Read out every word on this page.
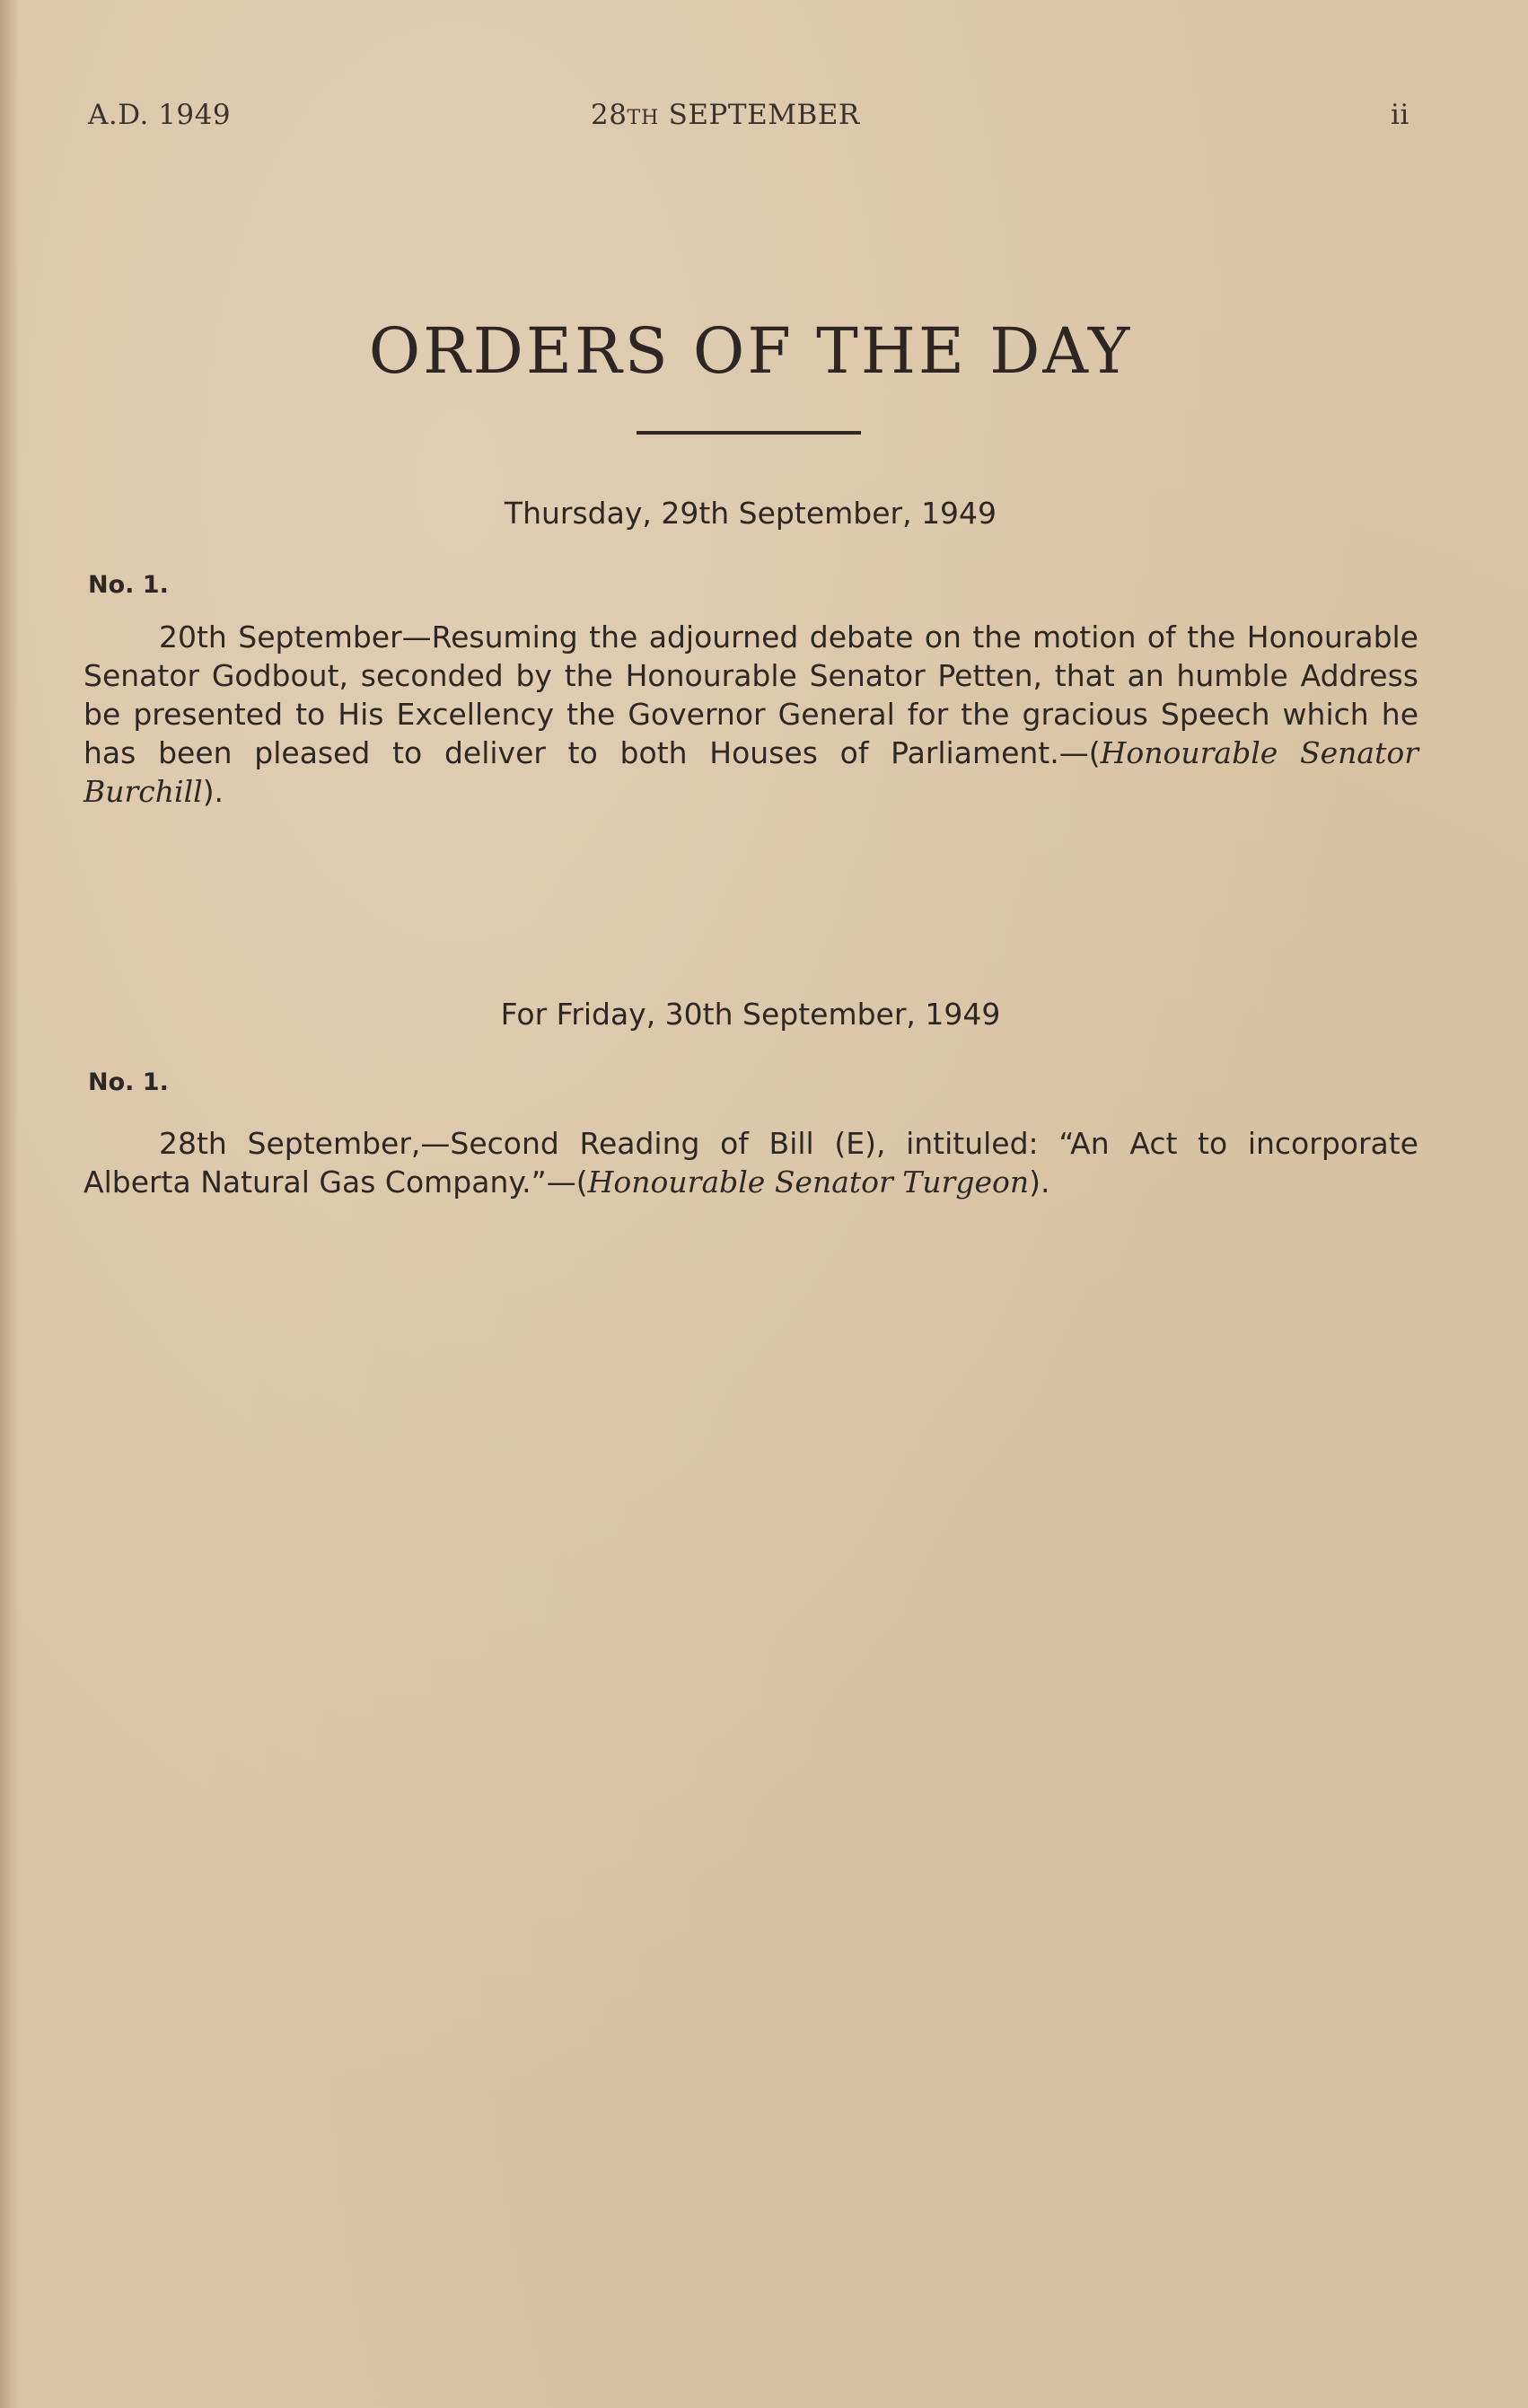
A.D. 1949	28TH SEPTEMBER	ii
ORDERS OF THE DAY
Thursday, 29th September, 1949
No. 1.

20th September—Resuming the adjourned debate on the motion of the Honourable Senator Godbout, seconded by the Honourable Senator Petten, that an humble Address be presented to His Excellency the Governor General for the gracious Speech which he has been pleased to deliver to both Houses of Parliament.—(Honourable Senator Burchill).

For Friday, 30th September, 1949
No. 1.

28th September,—Second Reading of Bill (E), intituled: “An Act to incorporate Alberta Natural Gas Company.”—(Honourable Senator Turgeon).
